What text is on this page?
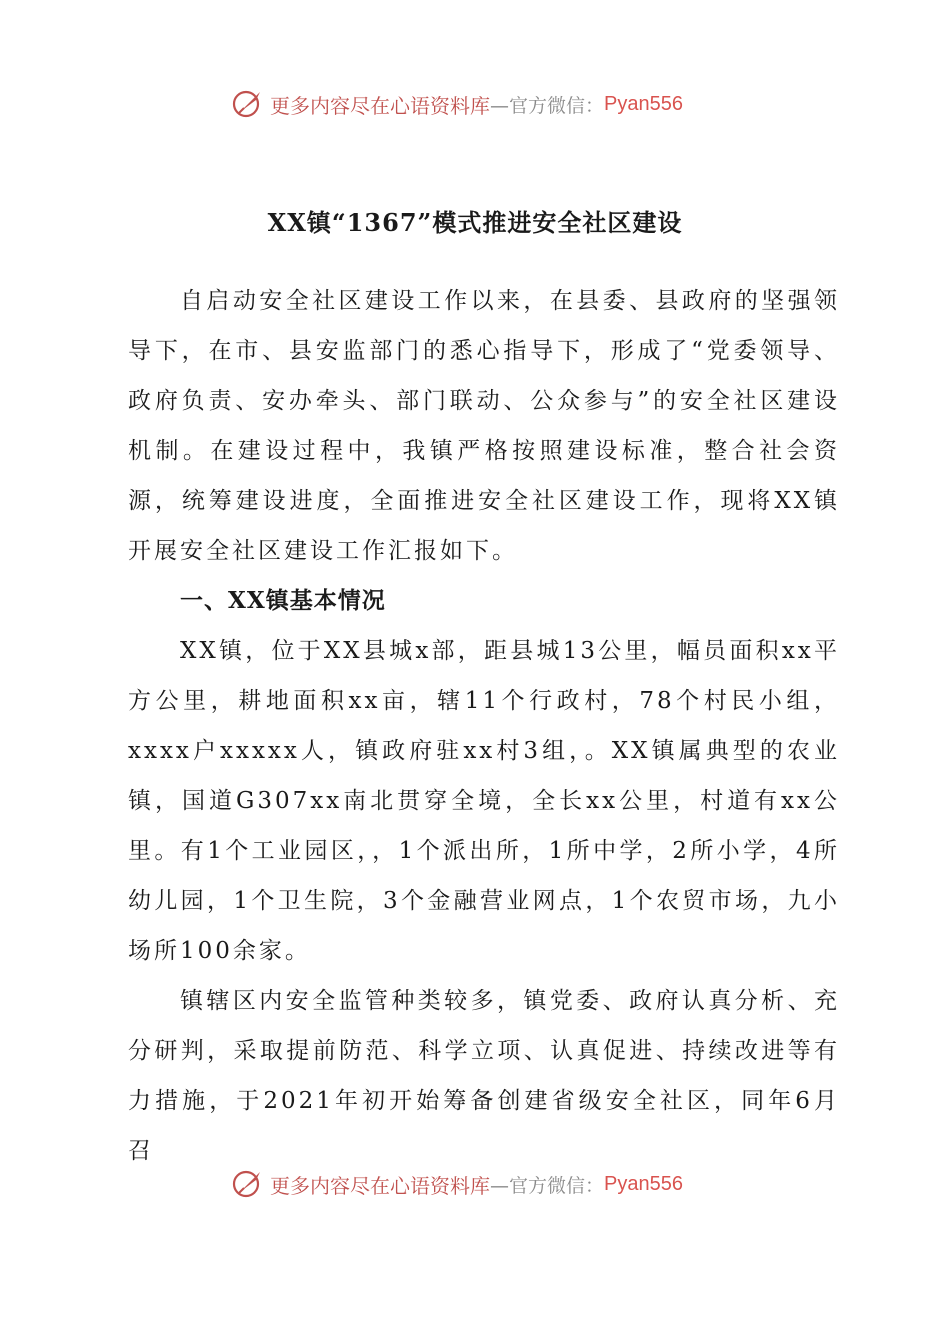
更多内容尽在心语资料库 —官方微信： Pyan556
XX镇“1367”模式推进安全社区建设

自启动安全社区建设工作以来，在县委、县政府的坚强领导下，在市、县安监部门的悉心指导下，形成了“党委领导、政府负责、安办牵头、部门联动、公众参与”的安全社区建设机制。在建设过程中，我镇严格按照建设标准，整合社会资源，统筹建设进度，全面推进安全社区建设工作，现将XX镇开展安全社区建设工作汇报如下。

一、XX镇基本情况

XX镇，位于XX县城x部，距县城13公里，幅员面积xx平方公里，耕地面积xx亩，辖11个行政村，78个村民小组，xxxx户xxxxx人，镇政府驻xx村3组，。XX镇属典型的农业镇，国道G307xx南北贯穿全境，全长xx公里，村道有xx公里。有1个工业园区，，1个派出所，1所中学，2所小学，4所幼儿园，1个卫生院，3个金融营业网点，1个农贸市场，九小场所100余家。

镇辖区内安全监管种类较多，镇党委、政府认真分析、充分研判，采取提前防范、科学立项、认真促进、持续改进等有力措施，于2021年初开始筹备创建省级安全社区，同年6月召

更多内容尽在心语资料库 —官方微信： Pyan556
